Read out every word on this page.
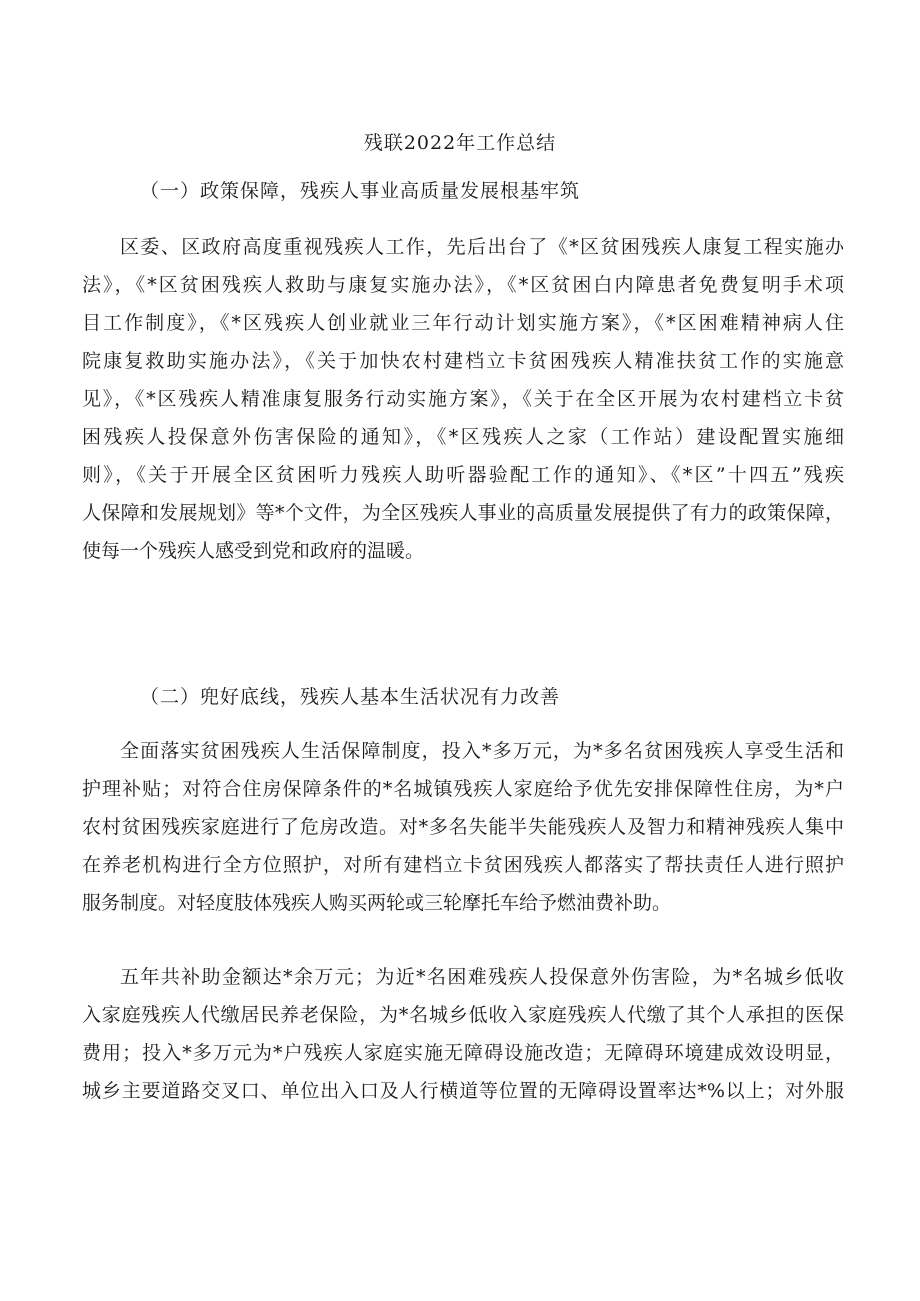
残联2022年工作总结
（一）政策保障，残疾人事业高质量发展根基牢筑
区委、区政府高度重视残疾人工作，先后出台了《*区贫困残疾人康复工程实施办
法》，《*区贫困残疾人救助与康复实施办法》，《*区贫困白内障患者免费复明手术项
目工作制度》，《*区残疾人创业就业三年行动计划实施方案》，《*区困难精神病人住
院康复救助实施办法》，《关于加快农村建档立卡贫困残疾人精准扶贫工作的实施意
见》，《*区残疾人精准康复服务行动实施方案》，《关于在全区开展为农村建档立卡贫
困残疾人投保意外伤害保险的通知》，《*区残疾人之家（工作站）建设配置实施细
则》，《关于开展全区贫困听力残疾人助听器验配工作的通知》、《*区”十四五”残疾
人保障和发展规划》等*个文件，为全区残疾人事业的高质量发展提供了有力的政策保障，
使每一个残疾人感受到党和政府的温暖。
（二）兜好底线，残疾人基本生活状况有力改善
全面落实贫困残疾人生活保障制度，投入*多万元，为*多名贫困残疾人享受生活和
护理补贴；对符合住房保障条件的*名城镇残疾人家庭给予优先安排保障性住房，为*户
农村贫困残疾家庭进行了危房改造。对*多名失能半失能残疾人及智力和精神残疾人集中
在养老机构进行全方位照护，对所有建档立卡贫困残疾人都落实了帮扶责任人进行照护
服务制度。对轻度肢体残疾人购买两轮或三轮摩托车给予燃油费补助。
五年共补助金额达*余万元；为近*名困难残疾人投保意外伤害险，为*名城乡低收
入家庭残疾人代缴居民养老保险，为*名城乡低收入家庭残疾人代缴了其个人承担的医保
费用；投入*多万元为*户残疾人家庭实施无障碍设施改造；无障碍环境建成效设明显，
城乡主要道路交叉口、单位出入口及人行横道等位置的无障碍设置率达*%以上；对外服
